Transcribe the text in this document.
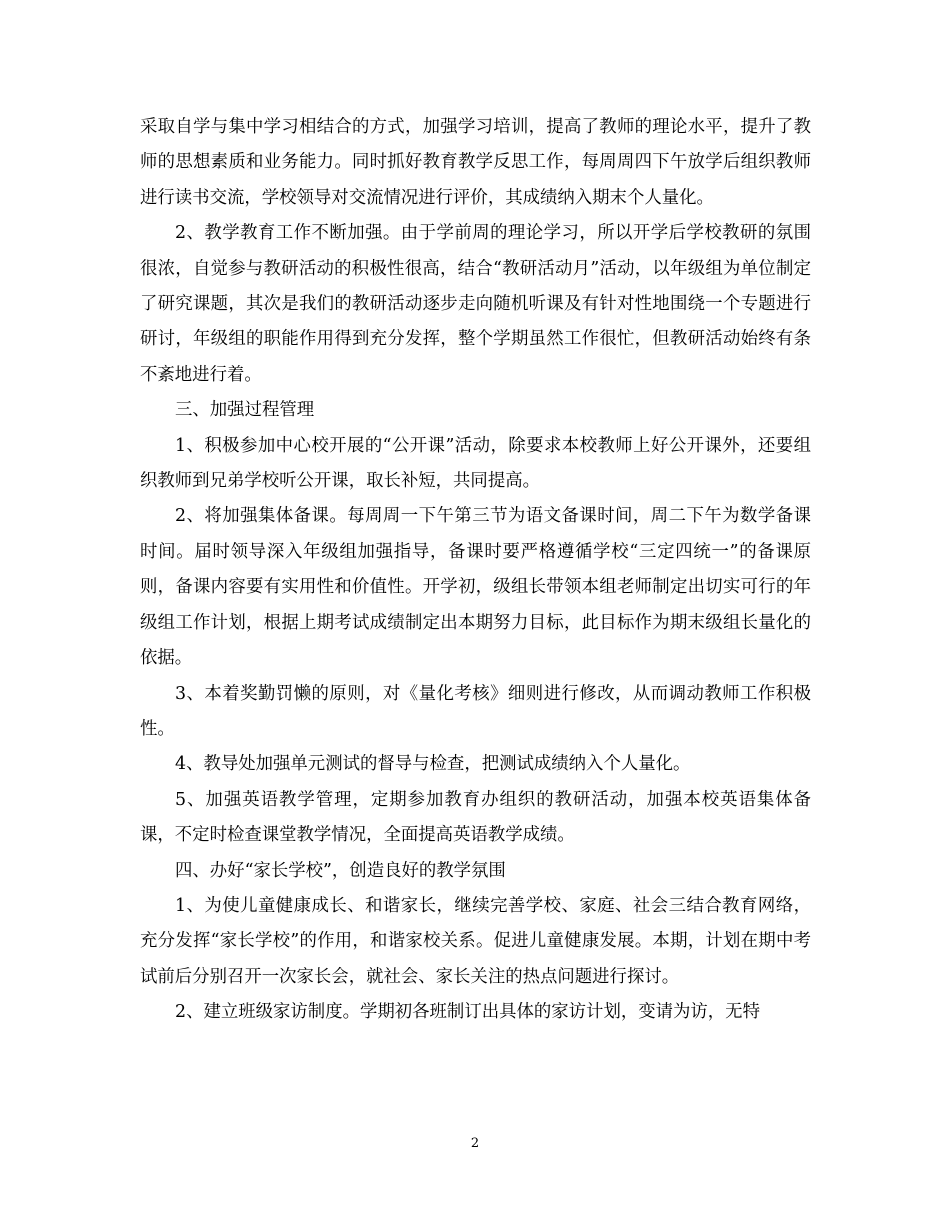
采取自学与集中学习相结合的方式，加强学习培训，提高了教师的理论水平，提升了教师的思想素质和业务能力。同时抓好教育教学反思工作，每周周四下午放学后组织教师进行读书交流，学校领导对交流情况进行评价，其成绩纳入期末个人量化。

2、教学教育工作不断加强。由于学前周的理论学习，所以开学后学校教研的氛围很浓，自觉参与教研活动的积极性很高，结合“教研活动月”活动，以年级组为单位制定了研究课题，其次是我们的教研活动逐步走向随机听课及有针对性地围绕一个专题进行研讨，年级组的职能作用得到充分发挥，整个学期虽然工作很忙，但教研活动始终有条不紊地进行着。

三、加强过程管理

1、积极参加中心校开展的“公开课”活动，除要求本校教师上好公开课外，还要组织教师到兄弟学校听公开课，取长补短，共同提高。

2、将加强集体备课。每周周一下午第三节为语文备课时间，周二下午为数学备课时间。届时领导深入年级组加强指导，备课时要严格遵循学校“三定四统一”的备课原则，备课内容要有实用性和价值性。开学初，级组长带领本组老师制定出切实可行的年级组工作计划，根据上期考试成绩制定出本期努力目标，此目标作为期末级组长量化的依据。

3、本着奖勤罚懒的原则，对《量化考核》细则进行修改，从而调动教师工作积极性。

4、教导处加强单元测试的督导与检查，把测试成绩纳入个人量化。

5、加强英语教学管理，定期参加教育办组织的教研活动，加强本校英语集体备课，不定时检查课堂教学情况，全面提高英语教学成绩。

四、办好“家长学校”，创造良好的教学氛围

1、为使儿童健康成长、和谐家长，继续完善学校、家庭、社会三结合教育网络，充分发挥“家长学校”的作用，和谐家校关系。促进儿童健康发展。本期，计划在期中考试前后分别召开一次家长会，就社会、家长关注的热点问题进行探讨。

2、建立班级家访制度。学期初各班制订出具体的家访计划，变请为访，无特

2
